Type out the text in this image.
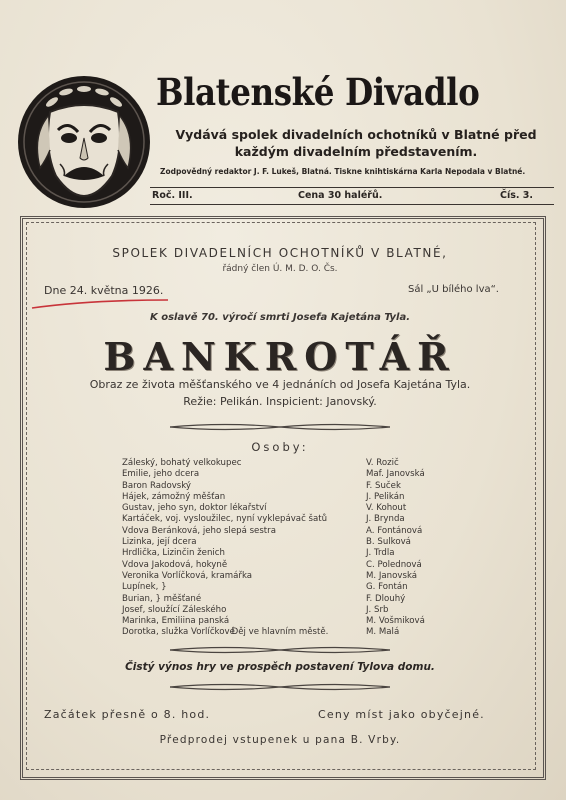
Blatenské Divadlo
Vydává spolek divadelních ochotníků v Blatné před
každým divadelním představením.
Zodpovědný redaktor J. F. Lukeš, Blatná. Tiskne knihtiskárna Karla Nepodala v Blatné.
Roč. III.	Cena 30 haléřů.	Čís. 3.
SPOLEK DIVADELNÍCH OCHOTNÍKŮ V BLATNÉ,
řádný člen Ú. M. D. O. Čs.
Dne 24. května 1926.	Sál „U bílého lva“.
K oslavě 70. výročí smrti Josefa Kajetána Tyla.
BANKROTÁŘ
Obraz ze života měšťanského ve 4 jednáních od Josefa Kajetána Tyla.
Režie: Pelikán. Inspicient: Janovský.
Osoby:
Záleský, bohatý velkokupec	V. Rozič
Emilie, jeho dcera	Maf. Janovská
Baron Radovský	F. Suček
Hájek, zámožný měšťan	J. Pelikán
Gustav, jeho syn, doktor lékařství	V. Kohout
Kartáček, voj. vysloužilec, nyní vyklepávač šatů	J. Brynda
Vdova Beránková, jeho slepá sestra	A. Fontánová
Lizinka, její dcera	B. Sulková
Hrdlička, Lizinčin ženich	J. Trdla
Vdova Jakodová, hokyně	C. Polednová
Veronika Vorlíčková, kramářka	M. Janovská
Lupínek, }	G. Fontán
Burian, } měšťané	F. Dlouhý
Josef, sloužící Záleského	J. Srb
Marinka, Emiliina panská	M. Vošmiková
Dorotka, služka Vorlíčkové	M. Malá
Děj ve hlavním městě.
Čistý výnos hry ve prospěch postavení Tylova domu.
Začátek přesně o 8. hod.	Ceny míst jako obyčejné.
Předprodej vstupenek u pana B. Vrby.
